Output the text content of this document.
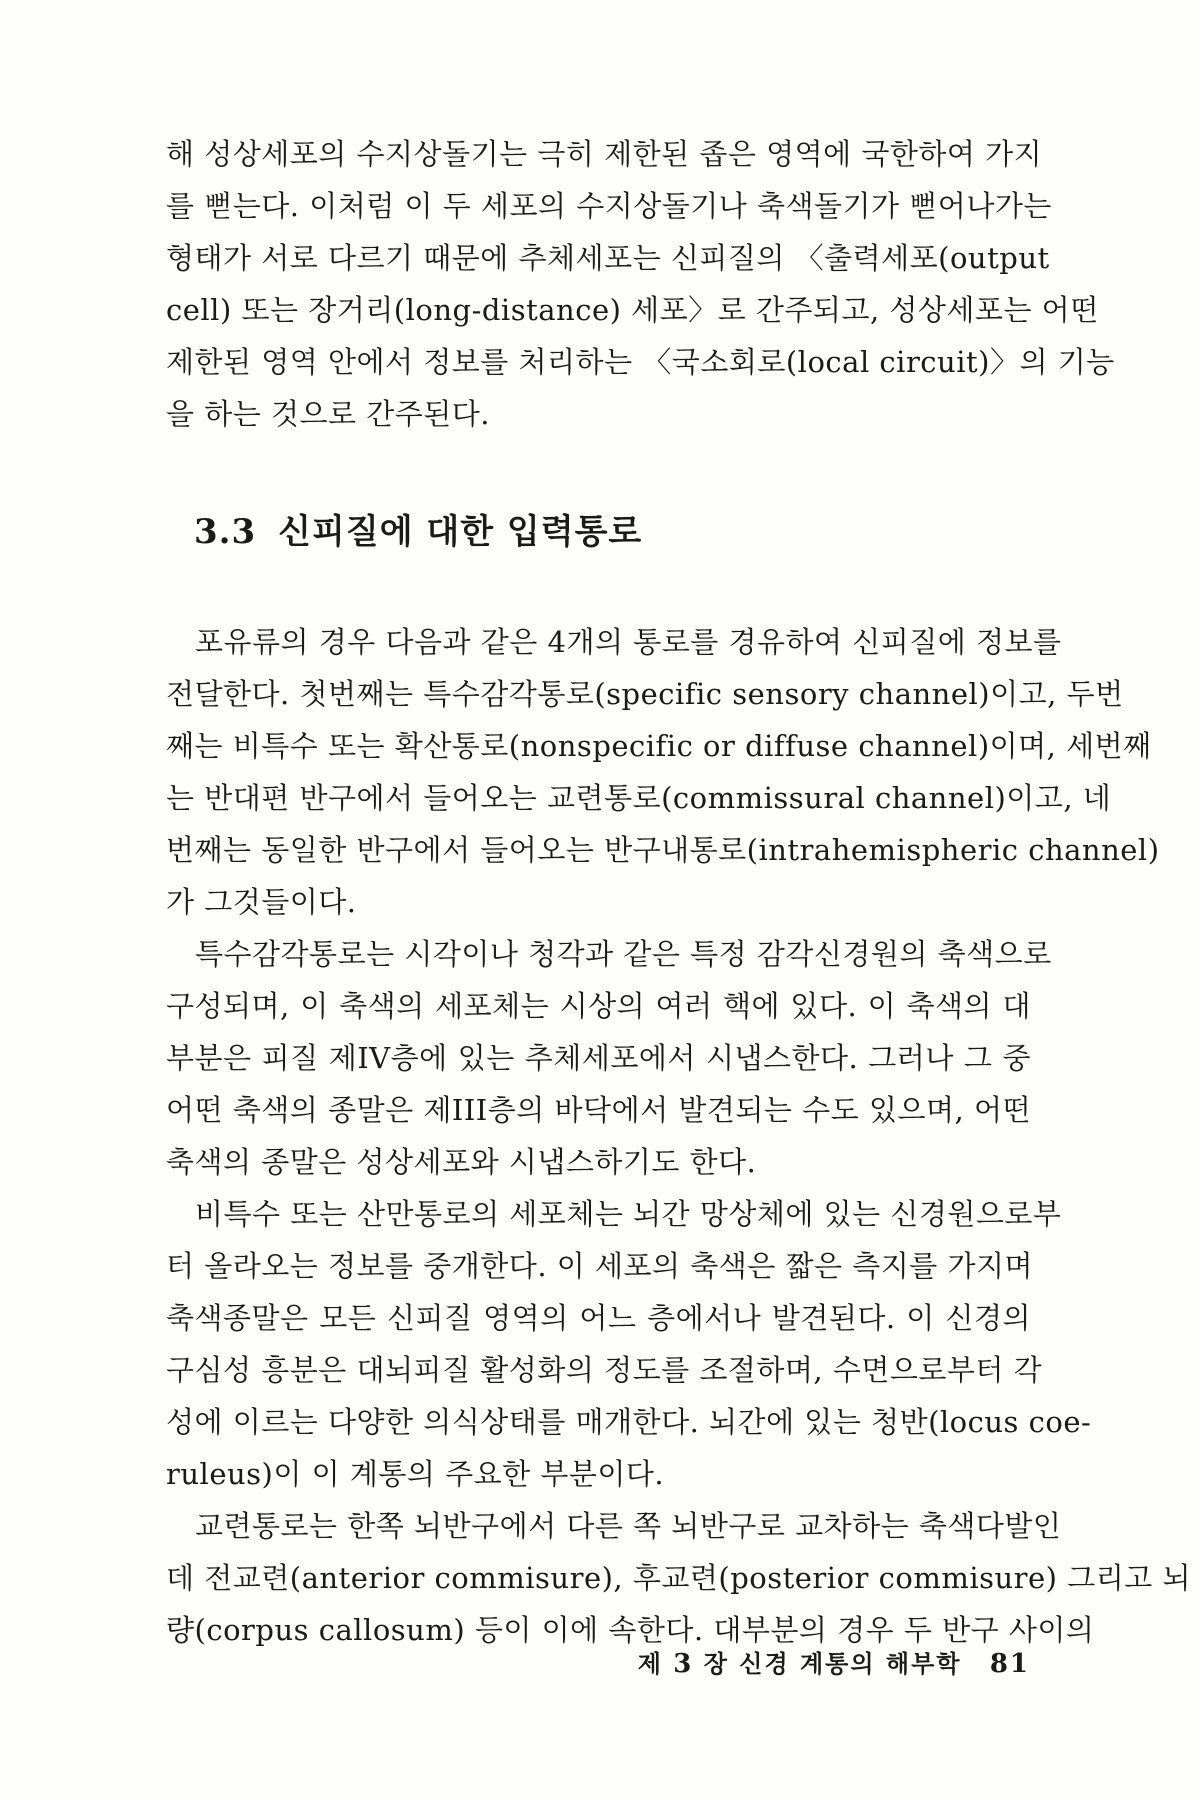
해 성상세포의 수지상돌기는 극히 제한된 좁은 영역에 국한하여 가지
를 뻗는다. 이처럼 이 두 세포의 수지상돌기나 축색돌기가 뻗어나가는
형태가 서로 다르기 때문에 추체세포는 신피질의 〈출력세포(output
cell) 또는 장거리(long-distance) 세포〉로 간주되고, 성상세포는 어떤
제한된 영역 안에서 정보를 처리하는 〈국소회로(local circuit)〉의 기능
을 하는 것으로 간주된다.
3.3 신피질에 대한 입력통로
포유류의 경우 다음과 같은 4개의 통로를 경유하여 신피질에 정보를
전달한다. 첫번째는 특수감각통로(specific sensory channel)이고, 두번
째는 비특수 또는 확산통로(nonspecific or diffuse channel)이며, 세번째
는 반대편 반구에서 들어오는 교련통로(commissural channel)이고, 네
번째는 동일한 반구에서 들어오는 반구내통로(intrahemispheric channel)
가 그것들이다.
특수감각통로는 시각이나 청각과 같은 특정 감각신경원의 축색으로
구성되며, 이 축색의 세포체는 시상의 여러 핵에 있다. 이 축색의 대
부분은 피질 제IV층에 있는 추체세포에서 시냅스한다. 그러나 그 중
어떤 축색의 종말은 제III층의 바닥에서 발견되는 수도 있으며, 어떤
축색의 종말은 성상세포와 시냅스하기도 한다.
비특수 또는 산만통로의 세포체는 뇌간 망상체에 있는 신경원으로부
터 올라오는 정보를 중개한다. 이 세포의 축색은 짧은 측지를 가지며
축색종말은 모든 신피질 영역의 어느 층에서나 발견된다. 이 신경의
구심성 흥분은 대뇌피질 활성화의 정도를 조절하며, 수면으로부터 각
성에 이르는 다양한 의식상태를 매개한다. 뇌간에 있는 청반(locus coe-
ruleus)이 이 계통의 주요한 부분이다.
교련통로는 한쪽 뇌반구에서 다른 쪽 뇌반구로 교차하는 축색다발인
데 전교련(anterior commisure), 후교련(posterior commisure) 그리고 뇌
량(corpus callosum) 등이 이에 속한다. 대부분의 경우 두 반구 사이의
제 3 장 신경 계통의 해부학 81
